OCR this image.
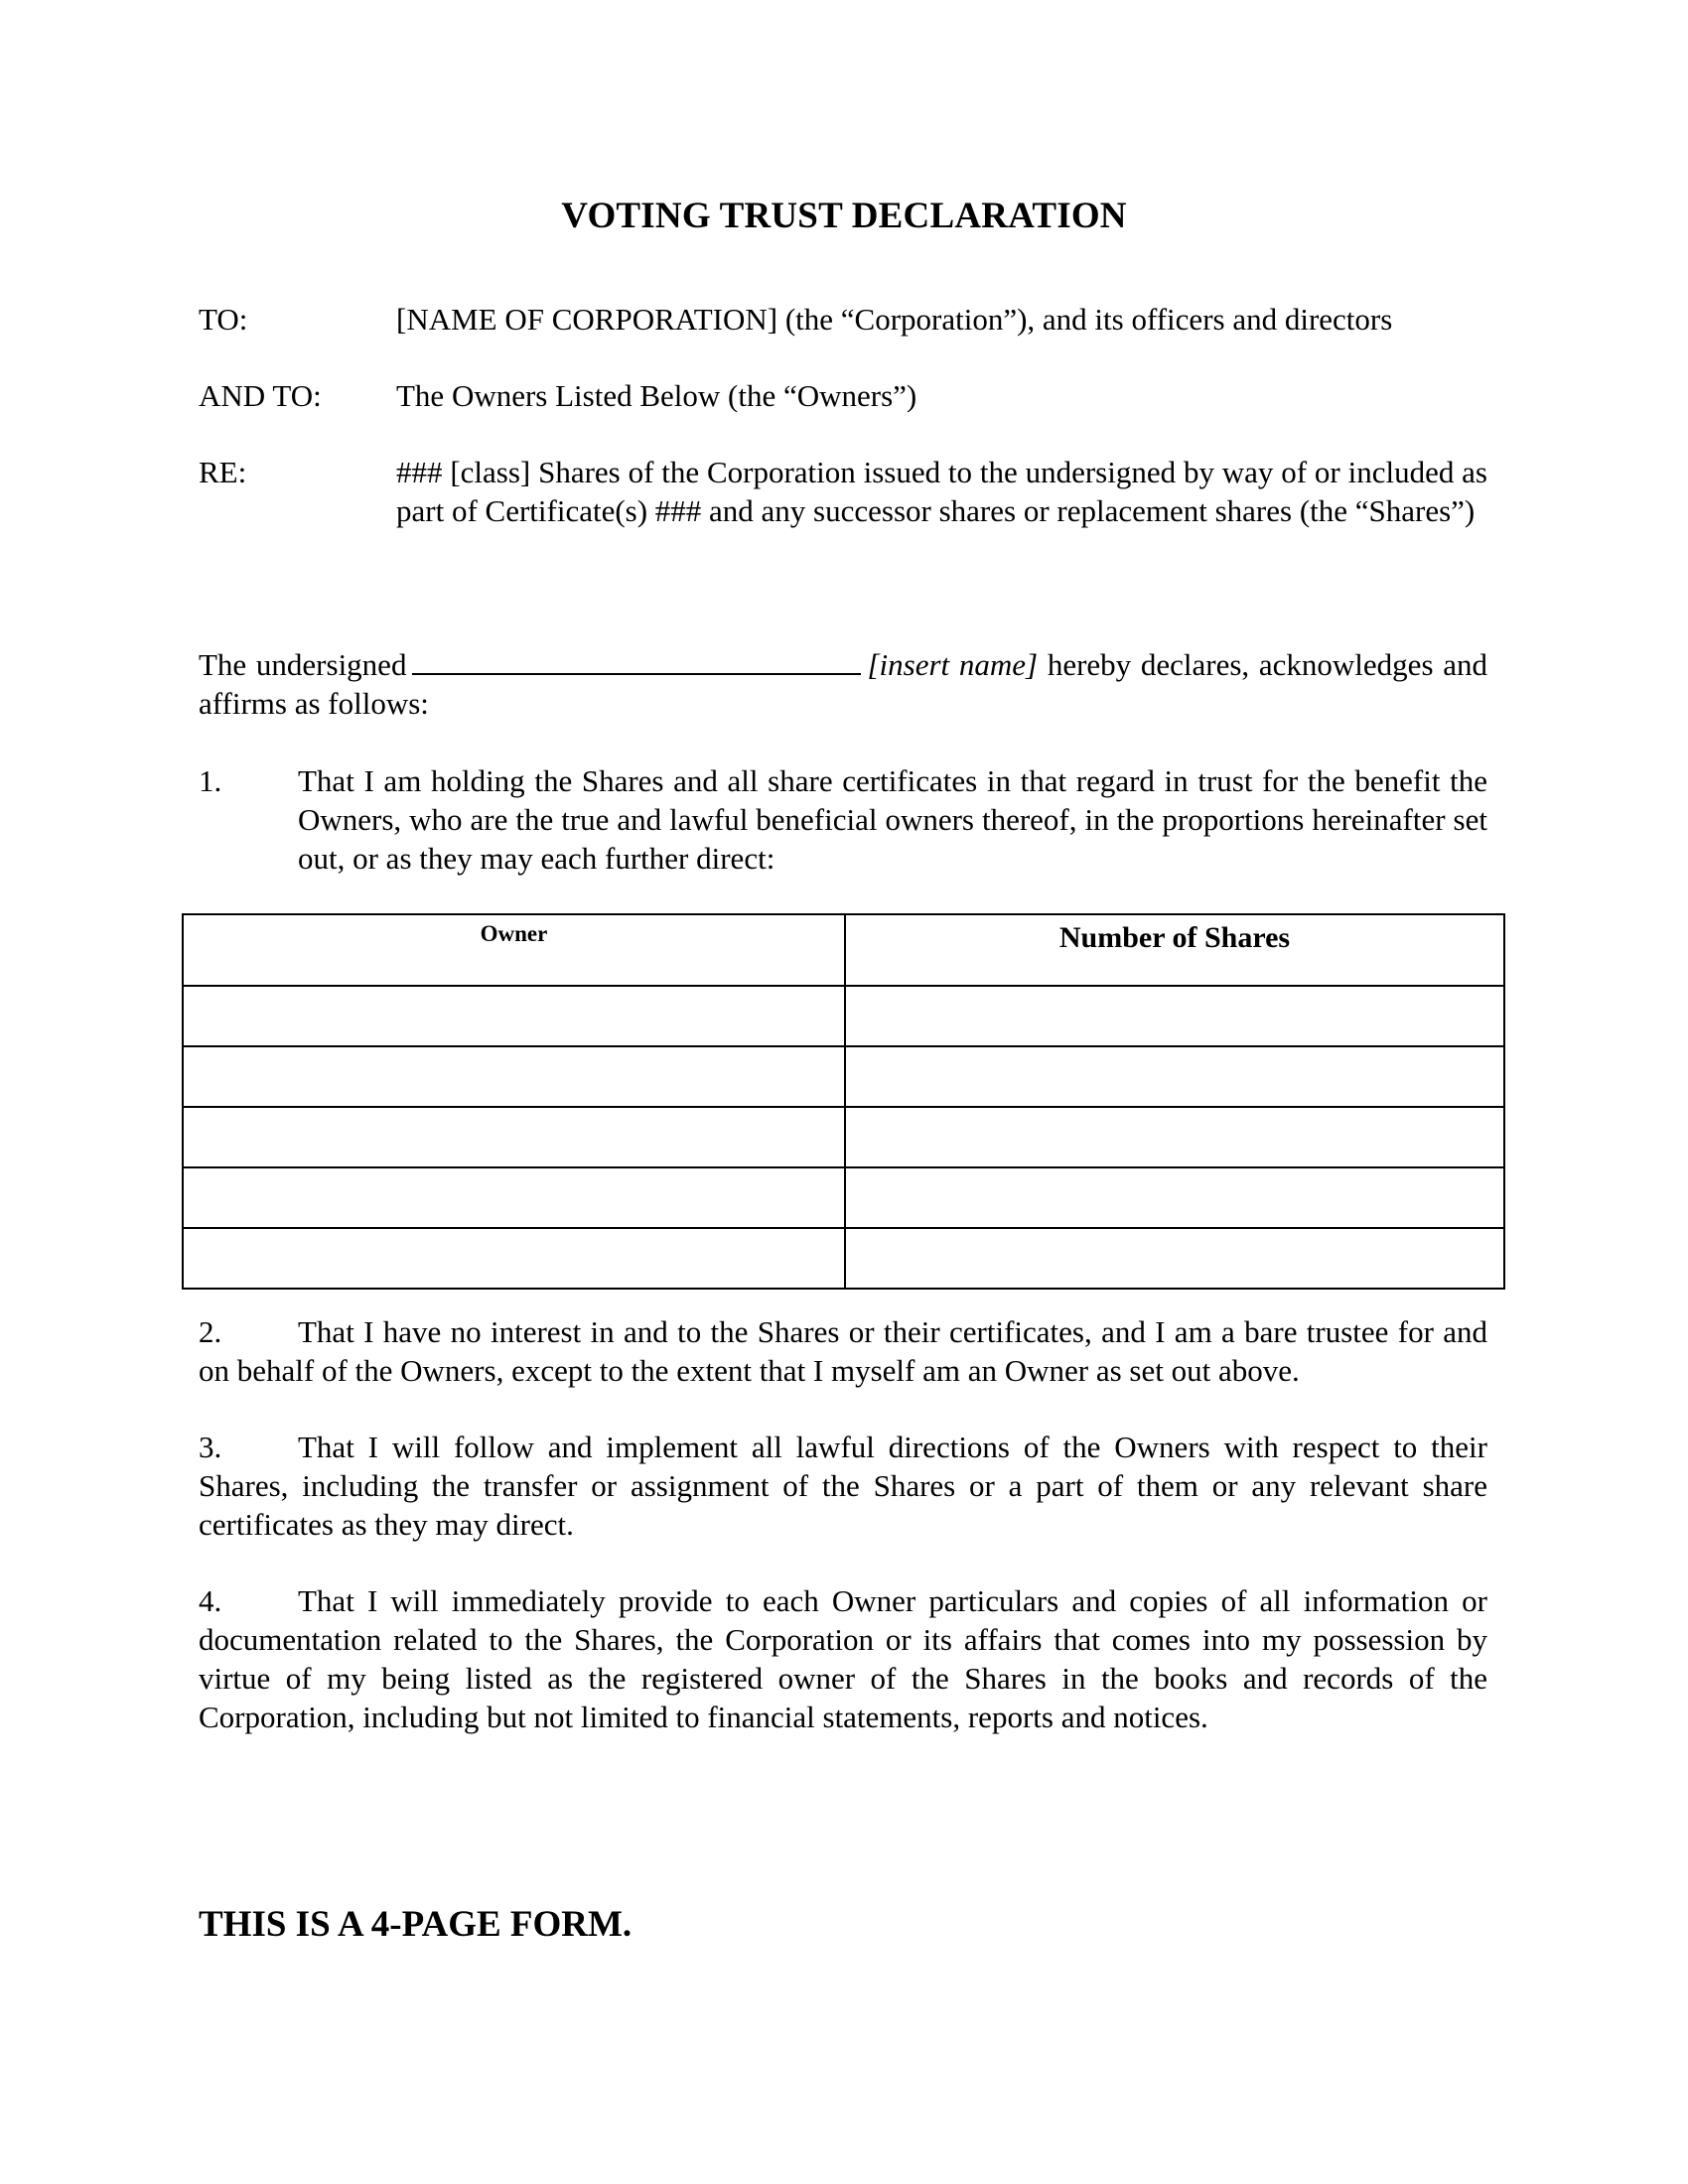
VOTING TRUST DECLARATION
TO:	[NAME OF CORPORATION] (the “Corporation”), and its officers and directors
AND TO:	The Owners Listed Below (the “Owners”)
RE:	### [class] Shares of the Corporation issued to the undersigned by way of or included as part of Certificate(s) ### and any successor shares or replacement shares (the “Shares”)
The undersigned	[insert name] hereby declares, acknowledges and affirms as follows:
1. That I am holding the Shares and all share certificates in that regard in trust for the benefit the Owners, who are the true and lawful beneficial owners thereof, in the proportions hereinafter set out, or as they may each further direct:
Owner	Number of Shares

2. That I have no interest in and to the Shares or their certificates, and I am a bare trustee for and on behalf of the Owners, except to the extent that I myself am an Owner as set out above.
3. That I will follow and implement all lawful directions of the Owners with respect to their Shares, including the transfer or assignment of the Shares or a part of them or any relevant share certificates as they may direct.
4. That I will immediately provide to each Owner particulars and copies of all information or documentation related to the Shares, the Corporation or its affairs that comes into my possession by virtue of my being listed as the registered owner of the Shares in the books and records of the Corporation, including but not limited to financial statements, reports and notices.
THIS IS A 4-PAGE FORM.
